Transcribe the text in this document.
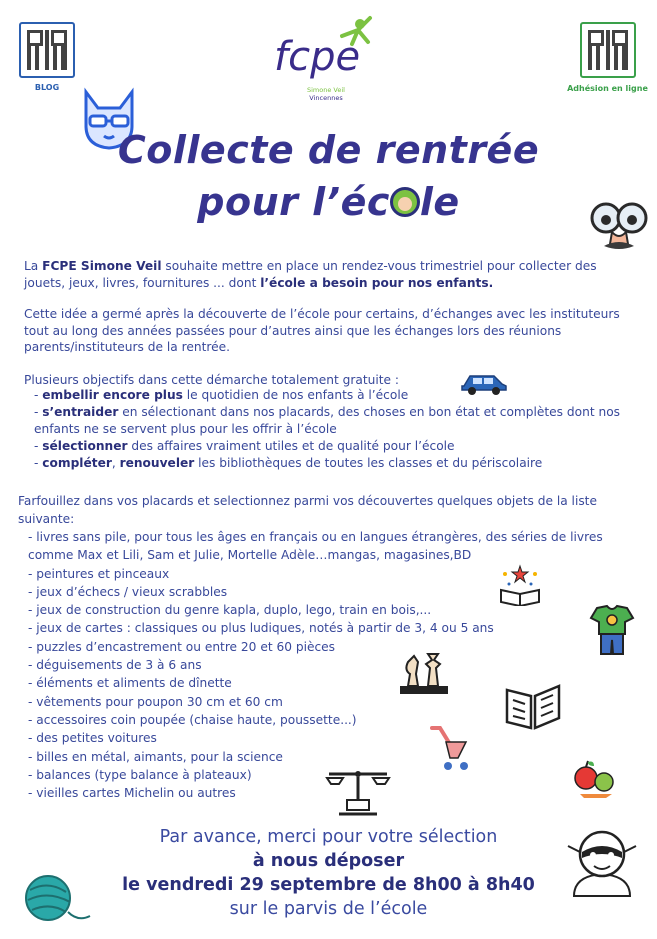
BLOG	Adhésion en ligne
fcpe
Simone Veil
Vincennes
Collecte de rentrée
pour l’éc le
La FCPE Simone Veil souhaite mettre en place un rendez-vous trimestriel pour collecter des jouets, jeux, livres, fournitures ... dont l’école a besoin pour nos enfants.
Cette idée a germé après la découverte de l’école pour certains, d’échanges avec les instituteurs tout au long des années passées pour d’autres ainsi que les échanges lors des réunions parents/instituteurs de la rentrée.
Plusieurs objectifs dans cette démarche totalement gratuite :
- embellir encore plus le quotidien de nos enfants à l’école
- s’entraider en sélectionant dans nos placards, des choses en bon état et complètes dont nos enfants ne se servent plus pour les offrir à l’école
- sélectionner des affaires vraiment utiles et de qualité pour l’école
- compléter, renouveler les bibliothèques de toutes les classes et du périscolaire
Farfouillez dans vos placards et selectionnez parmi vos découvertes quelques objets de la liste suivante:
- livres sans pile, pour tous les âges en français ou en langues étrangères, des séries de livres comme Max et Lili, Sam et Julie, Mortelle Adèle…mangas, magasines,BD
- peintures et pinceaux
- jeux d’échecs / vieux scrabbles
- jeux de construction du genre kapla, duplo, lego, train en bois,...
- jeux de cartes : classiques ou plus ludiques, notés à partir de 3, 4 ou 5 ans
- puzzles d’encastrement ou entre 20 et 60 pièces
- déguisements de 3 à 6 ans
- éléments et aliments de dînette
- vêtements pour poupon 30 cm et 60 cm
- accessoires coin poupée (chaise haute, poussette...)
- des petites voitures
- billes en métal, aimants, pour la science
- balances (type balance à plateaux)
- vieilles cartes Michelin ou autres
Par avance, merci pour votre sélection
à nous déposer
le vendredi 29 septembre de 8h00 à 8h40
sur le parvis de l’école
